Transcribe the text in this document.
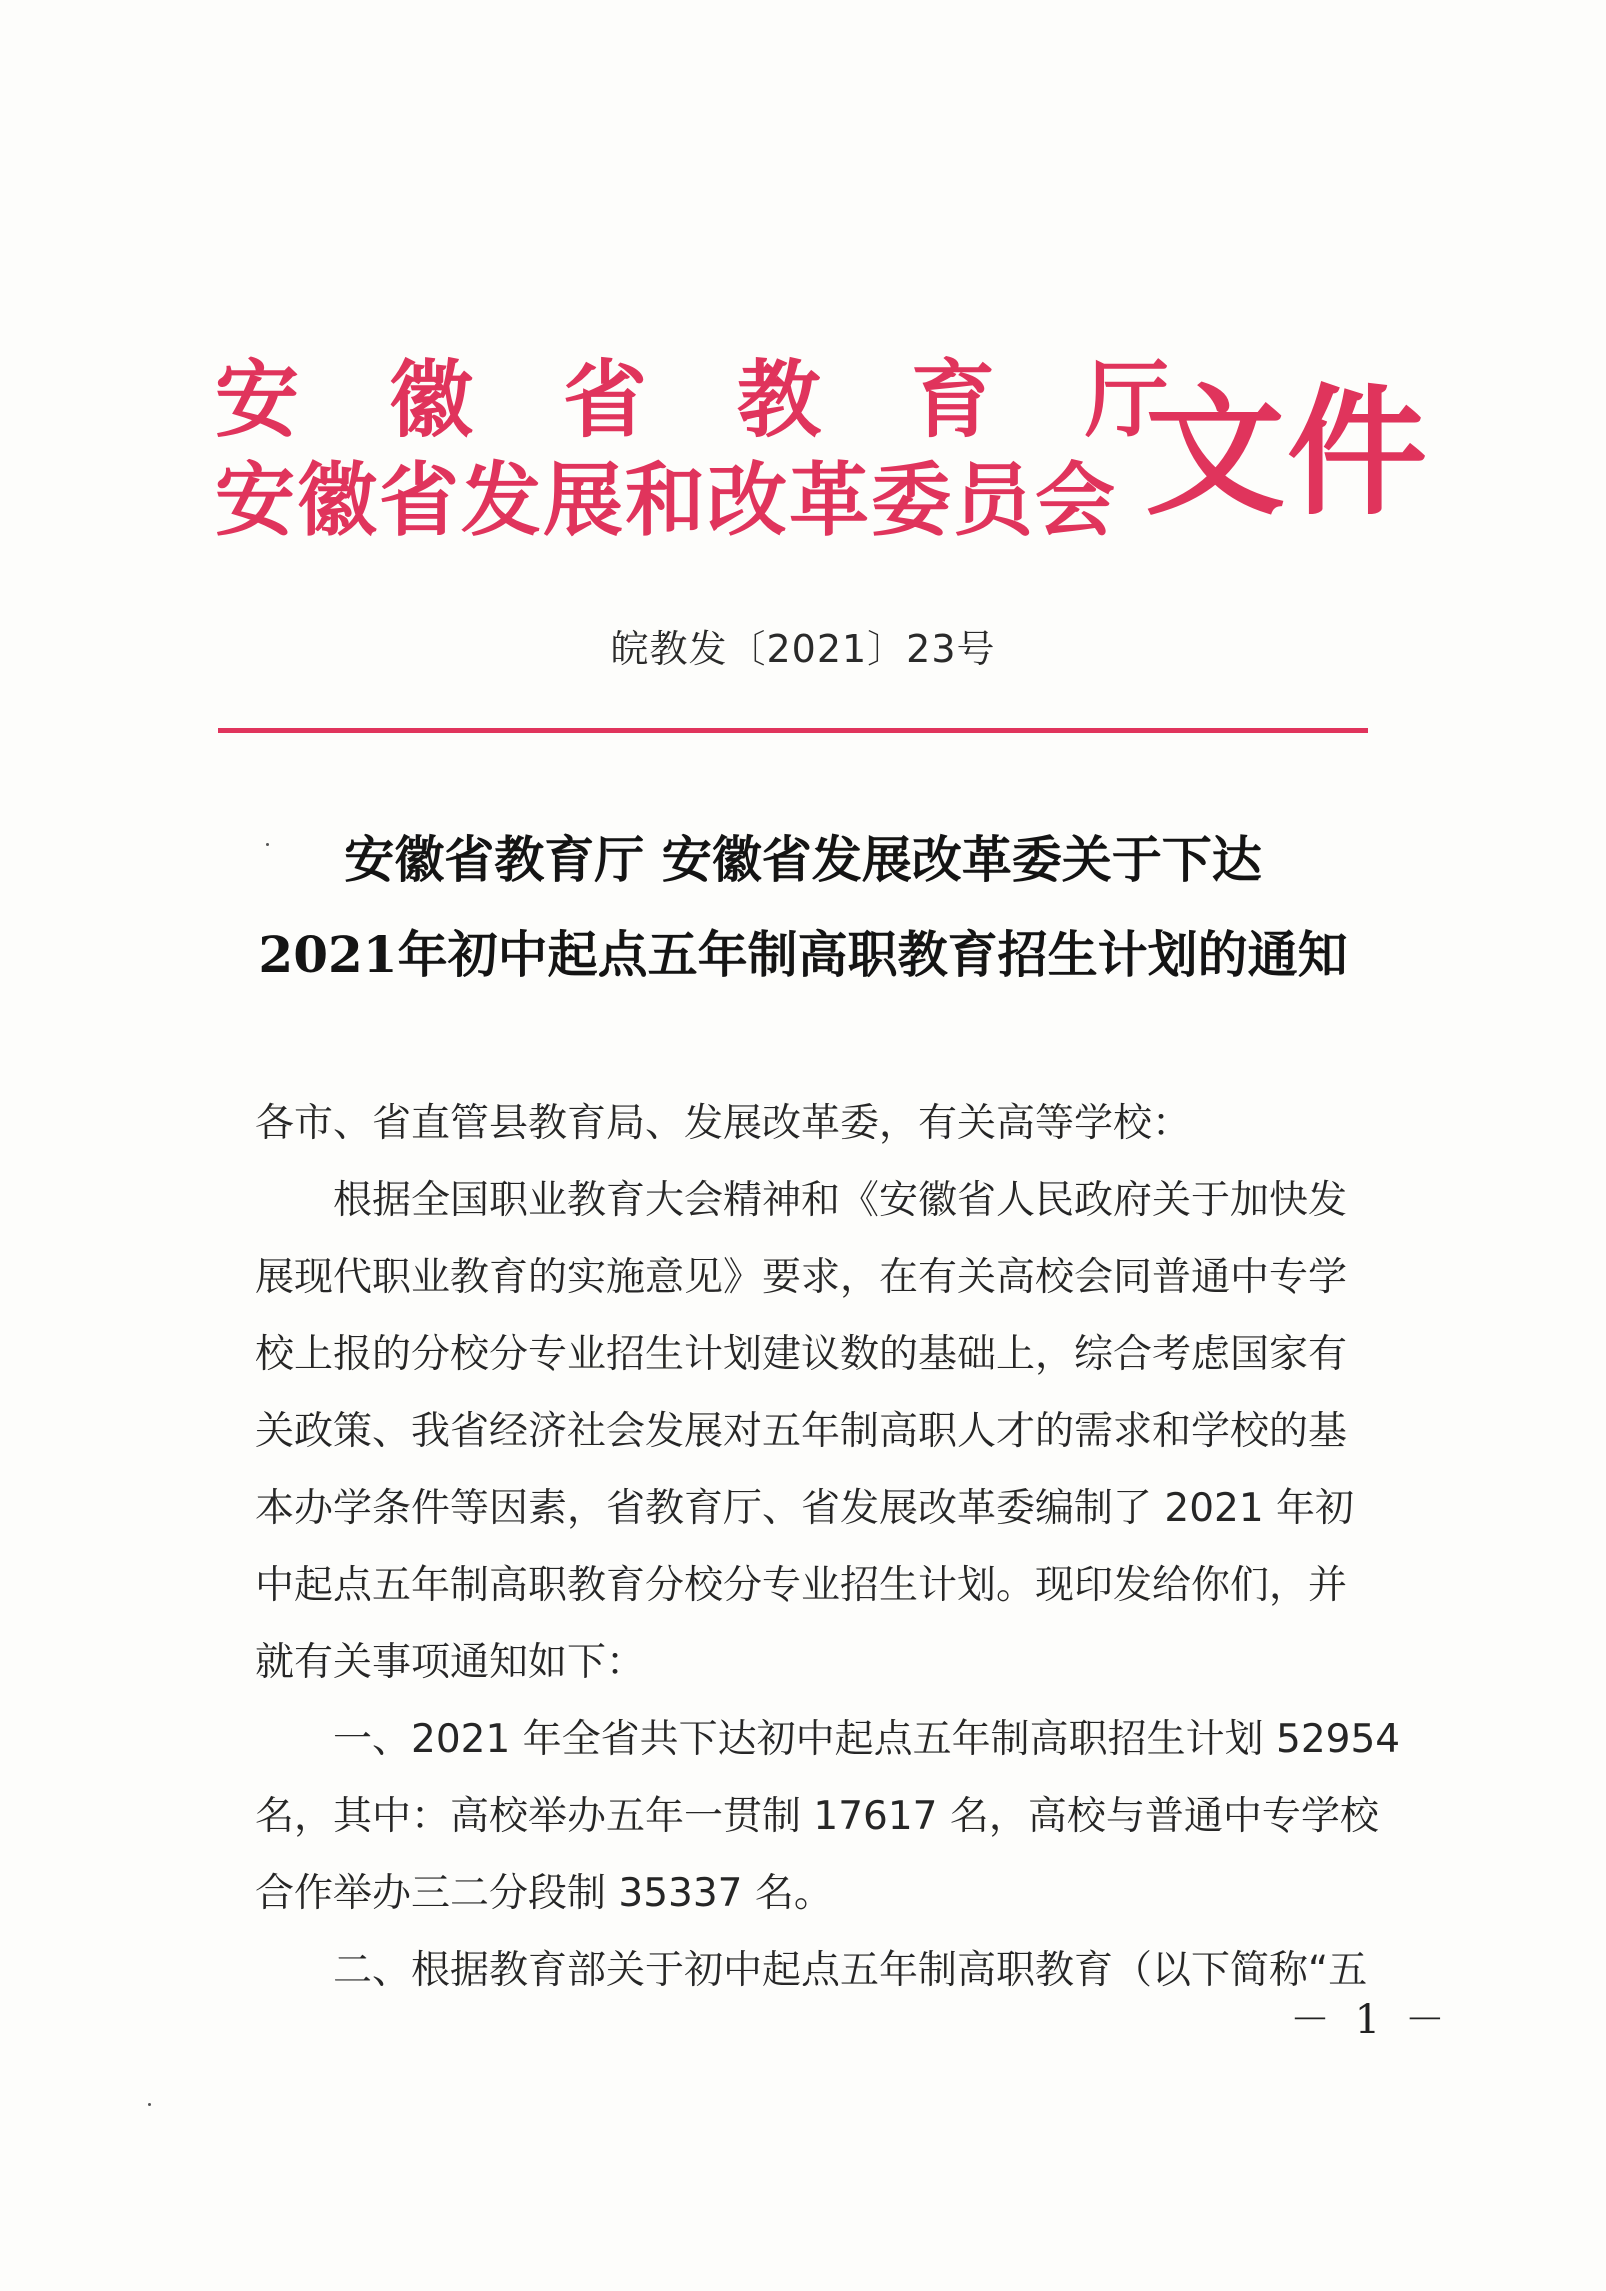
安徽省教育厅
安徽省发展和改革委员会 文件
皖教发〔2021〕23号
安徽省教育厅 安徽省发展改革委关于下达
2021年初中起点五年制高职教育招生计划的通知
各市、省直管县教育局、发展改革委，有关高等学校：
根据全国职业教育大会精神和《安徽省人民政府关于加快发
展现代职业教育的实施意见》要求，在有关高校会同普通中专学
校上报的分校分专业招生计划建议数的基础上，综合考虑国家有
关政策、我省经济社会发展对五年制高职人才的需求和学校的基
本办学条件等因素，省教育厅、省发展改革委编制了 2021 年初
中起点五年制高职教育分校分专业招生计划。现印发给你们，并
就有关事项通知如下：
一、2021 年全省共下达初中起点五年制高职招生计划 52954
名，其中：高校举办五年一贯制 17617 名，高校与普通中专学校
合作举办三二分段制 35337 名。
二、根据教育部关于初中起点五年制高职教育（以下简称“五
－ 1 －
